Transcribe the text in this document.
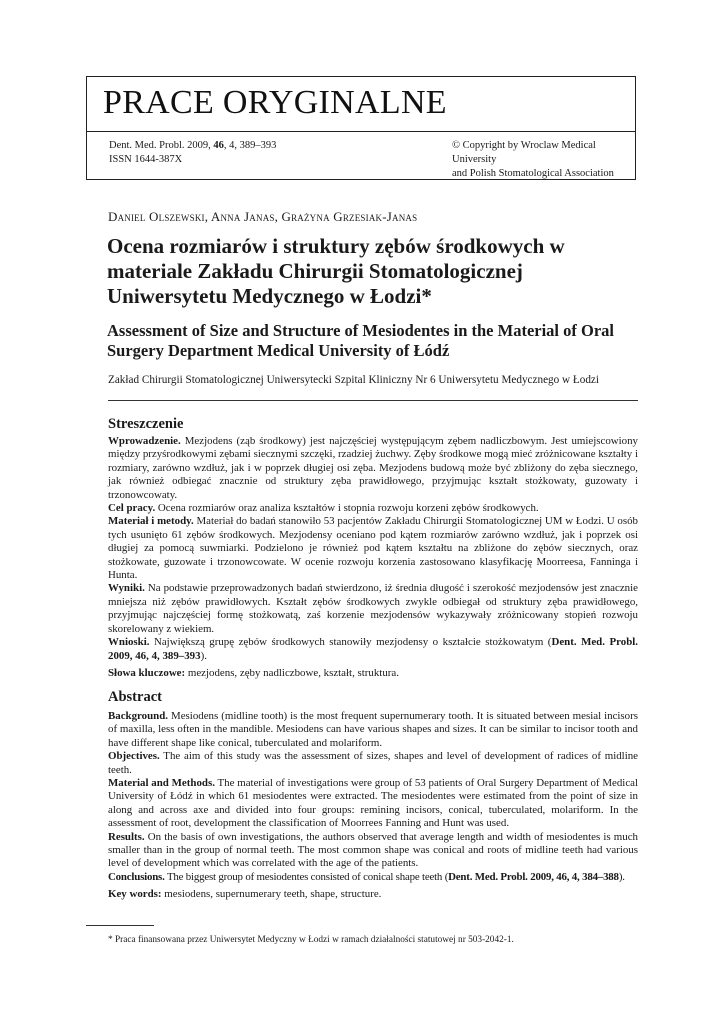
PRACE ORYGINALNE
Dent. Med. Probl. 2009, 46, 4, 389–393
ISSN 1644-387X
© Copyright by Wroclaw Medical University
and Polish Stomatological Association
Daniel Olszewski, Anna Janas, Grażyna Grzesiak-Janas
Ocena rozmiarów i struktury zębów środkowych w materiale Zakładu Chirurgii Stomatologicznej Uniwersytetu Medycznego w Łodzi*
Assessment of Size and Structure of Mesiodentes in the Material of Oral Surgery Department Medical University of Łódź
Zakład Chirurgii Stomatologicznej Uniwersytecki Szpital Kliniczny Nr 6 Uniwersytetu Medycznego w Łodzi
Streszczenie

Wprowadzenie. Mezjodens (ząb środkowy) jest najczęściej występującym zębem nadliczbowym. Jest umiejscowiony między przyśrodkowymi zębami siecznymi szczęki, rzadziej żuchwy. Zęby środkowe mogą mieć zróżnicowane kształty i rozmiary, zarówno wzdłuż, jak i w poprzek długiej osi zęba. Mezjodens budową może być zbliżony do zęba siecznego, jak również odbiegać znacznie od struktury zęba prawidłowego, przyjmując kształt stożkowaty, guzowaty i trzonowcowaty.

Cel pracy. Ocena rozmiarów oraz analiza kształtów i stopnia rozwoju korzeni zębów środkowych.

Materiał i metody. Materiał do badań stanowiło 53 pacjentów Zakładu Chirurgii Stomatologicznej UM w Łodzi. U osób tych usunięto 61 zębów środkowych. Mezjodensy oceniano pod kątem rozmiarów zarówno wzdłuż, jak i poprzek osi długiej za pomocą suwmiarki. Podzielono je również pod kątem kształtu na zbliżone do zębów siecznych, oraz stożkowate, guzowate i trzonowcowate. W ocenie rozwoju korzenia zastosowano klasyfikację Moorreesa, Fanninga i Hunta.

Wyniki. Na podstawie przeprowadzonych badań stwierdzono, iż średnia długość i szerokość mezjodensów jest znacznie mniejsza niż zębów prawidłowych. Kształt zębów środkowych zwykle odbiegał od struktury zęba prawidłowego, przyjmując najczęściej formę stożkowatą, zaś korzenie mezjodensów wykazywały zróżnicowany stopień rozwoju skorelowany z wiekiem.

Wnioski. Największą grupę zębów środkowych stanowiły mezjodensy o kształcie stożkowatym (Dent. Med. Probl. 2009, 46, 4, 389–393).

Słowa kluczowe: mezjodens, zęby nadliczbowe, kształt, struktura.
Abstract

Background. Mesiodens (midline tooth) is the most frequent supernumerary tooth. It is situated between mesial incisors of maxilla, less often in the mandible. Mesiodens can have various shapes and sizes. It can be similar to incisor tooth and have different shape like conical, tuberculated and molariform.

Objectives. The aim of this study was the assessment of sizes, shapes and level of development of radices of midline teeth.

Material and Methods. The material of investigations were group of 53 patients of Oral Surgery Department of Medical University of Łódź in which 61 mesiodentes were extracted. The mesiodentes were estimated from the point of size in along and across axe and divided into four groups: remining incisors, conical, tuberculated, molariform. In the assessment of root, development the classification of Moorrees Fanning and Hunt was used.

Results. On the basis of own investigations, the authors observed that average length and width of mesiodentes is much smaller than in the group of normal teeth. The most common shape was conical and roots of midline teeth had various level of development which was correlated with the age of the patients.

Conclusions. The biggest group of mesiodentes consisted of conical shape teeth (Dent. Med. Probl. 2009, 46, 4, 384–388).

Key words: mesiodens, supernumerary teeth, shape, structure.
* Praca finansowana przez Uniwersytet Medyczny w Łodzi w ramach działalności statutowej nr 503-2042-1.
